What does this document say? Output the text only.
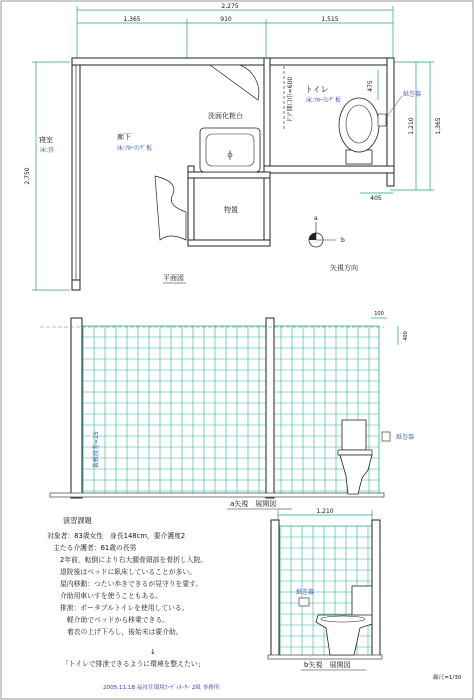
2,275
1,365	910	1,515
2,750
1,210	1,365
475
405
寝室
床:畳
廊下
床:ﾌﾛｰﾘﾝｸﾞ板
洗面化粧台
トイレ
床:ﾌﾛｰﾘﾝｸﾞ板
物置
ドア開口巾=600	紙巻器
a
b
矢視方向
平面図
100
400
裁板段差=15	紙巻器
a矢視　展開図
1,210
紙巻器
b矢視　展開図
演習課題
対象者：83歳女性　身長148cm，要介護度2
主たる介護者：61歳の長男
2年前，転倒により右大腿骨頸部を骨折し入院。
退院後はベッドに臥床していることが多い。
屋内移動：つたい歩きできるが見守りを要す。
介助用車いすを使うこともある。
排泄：ポータブルトイレを使用している。
軽介助でベッドから移乗できる。
着衣の上げ下ろし，後始末は要介助。
↓
「トイレで排泄できるように環境を整えたい」
2005.11.18 福祉住環境ｺｰﾃﾞｨﾈｰﾀｰ 2級 事務所
縮尺=1/30
